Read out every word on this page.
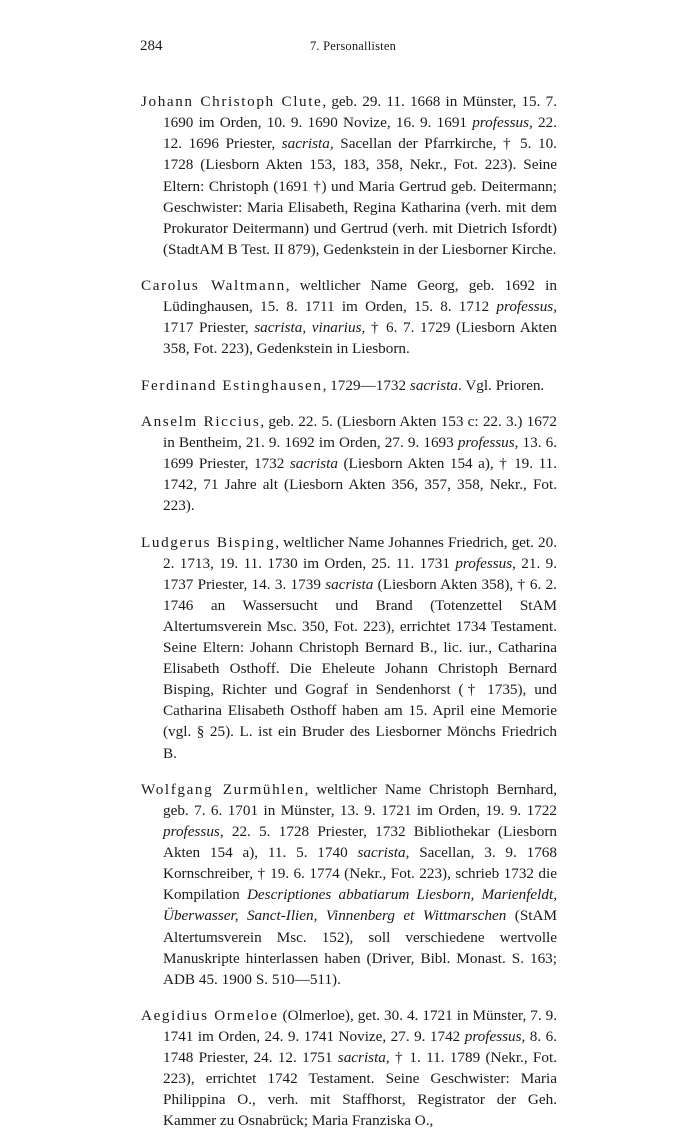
284	7. Personallisten

Johann Christoph Clute, geb. 29. 11. 1668 in Münster, 15. 7. 1690 im Orden, 10. 9. 1690 Novize, 16. 9. 1691 professus, 22. 12. 1696 Priester, sacrista, Sacellan der Pfarrkirche, † 5. 10. 1728 (Liesborn Akten 153, 183, 358, Nekr., Fot. 223). Seine Eltern: Christoph (1691 †) und Maria Gertrud geb. Deitermann; Geschwister: Maria Elisabeth, Regina Katharina (verh. mit dem Prokurator Deitermann) und Gertrud (verh. mit Dietrich Isfordt) (StadtAM B Test. II 879), Gedenkstein in der Liesborner Kirche.

Carolus Waltmann, weltlicher Name Georg, geb. 1692 in Lüdinghausen, 15. 8. 1711 im Orden, 15. 8. 1712 professus, 1717 Priester, sacrista, vinarius, † 6. 7. 1729 (Liesborn Akten 358, Fot. 223), Gedenkstein in Liesborn.

Ferdinand Estinghausen, 1729—1732 sacrista. Vgl. Prioren.

Anselm Riccius, geb. 22. 5. (Liesborn Akten 153 c: 22. 3.) 1672 in Bentheim, 21. 9. 1692 im Orden, 27. 9. 1693 professus, 13. 6. 1699 Priester, 1732 sacrista (Liesborn Akten 154 a), † 19. 11. 1742, 71 Jahre alt (Liesborn Akten 356, 357, 358, Nekr., Fot. 223).

Ludgerus Bisping, weltlicher Name Johannes Friedrich, get. 20. 2. 1713, 19. 11. 1730 im Orden, 25. 11. 1731 professus, 21. 9. 1737 Priester, 14. 3. 1739 sacrista (Liesborn Akten 358), † 6. 2. 1746 an Wassersucht und Brand (Totenzettel StAM Altertumsverein Msc. 350, Fot. 223), errichtet 1734 Testament. Seine Eltern: Johann Christoph Bernard B., lic. iur., Catharina Elisabeth Osthoff. Die Eheleute Johann Christoph Bernard Bisping, Richter und Gograf in Sendenhorst († 1735), und Catharina Elisabeth Osthoff haben am 15. April eine Memorie (vgl. § 25). L. ist ein Bruder des Liesborner Mönchs Friedrich B.

Wolfgang Zurmühlen, weltlicher Name Christoph Bernhard, geb. 7. 6. 1701 in Münster, 13. 9. 1721 im Orden, 19. 9. 1722 professus, 22. 5. 1728 Priester, 1732 Bibliothekar (Liesborn Akten 154 a), 11. 5. 1740 sacrista, Sacellan, 3. 9. 1768 Kornschreiber, † 19. 6. 1774 (Nekr., Fot. 223), schrieb 1732 die Kompilation Descriptiones abbatiarum Liesborn, Marienfeldt, Überwasser, Sanct-Ilien, Vinnenberg et Wittmarschen (StAM Altertumsverein Msc. 152), soll verschiedene wertvolle Manuskripte hinterlassen haben (Driver, Bibl. Monast. S. 163; ADB 45. 1900 S. 510—511).

Aegidius Ormeloe (Olmerloe), get. 30. 4. 1721 in Münster, 7. 9. 1741 im Orden, 24. 9. 1741 Novize, 27. 9. 1742 professus, 8. 6. 1748 Priester, 24. 12. 1751 sacrista, † 1. 11. 1789 (Nekr., Fot. 223), errichtet 1742 Testament. Seine Geschwister: Maria Philippina O., verh. mit Staffhorst, Registrator der Geh. Kammer zu Osnabrück; Maria Franziska O.,
